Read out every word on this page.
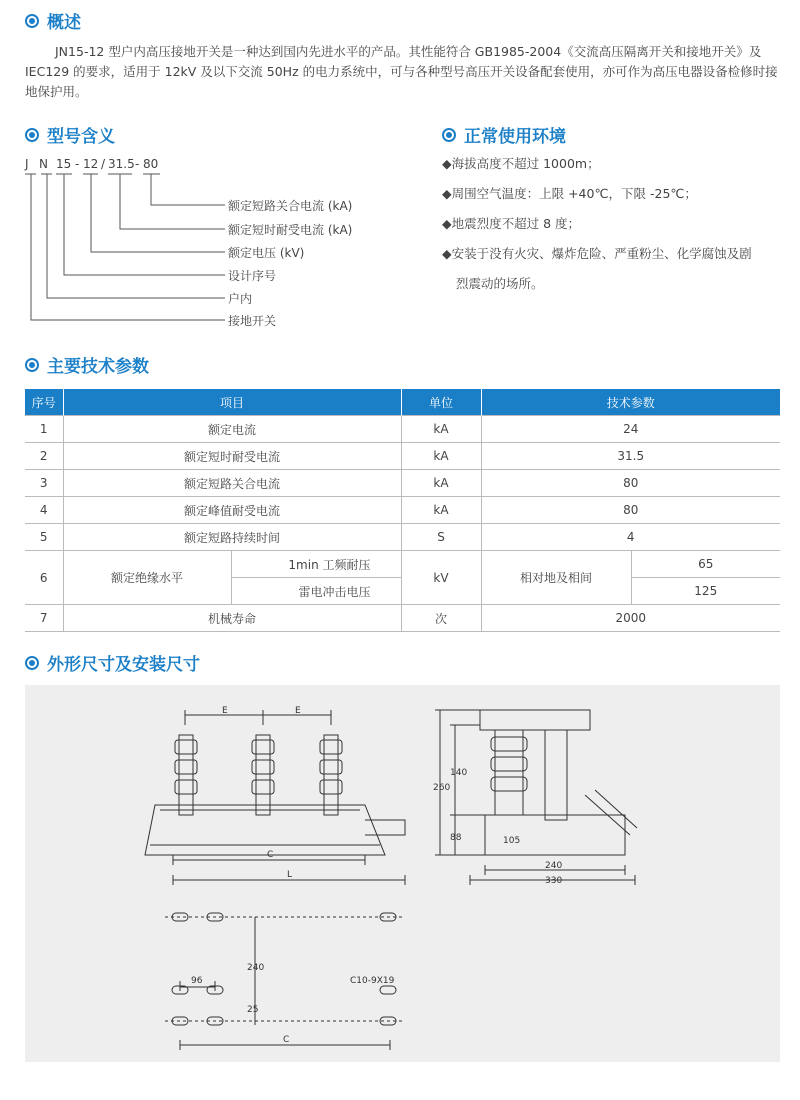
概述
JN15-12 型户内高压接地开关是一种达到国内先进水平的产品。其性能符合 GB1985-2004《交流高压隔离开关和接地开关》及 IEC129 的要求，适用于 12kV 及以下交流 50Hz 的电力系统中，可与各种型号高压开关设备配套使用，亦可作为高压电器设备检修时接地保护用。
型号含义
J N 15 - 12 / 31.5 - 80
额定短路关合电流 (kA)
额定短时耐受电流 (kA)
额定电压 (kV)
设计序号
户内
接地开关
正常使用环境
◆海拔高度不超过 1000m；
◆周围空气温度：上限 +40℃，下限 -25℃；
◆地震烈度不超过 8 度；
◆安装于没有火灾、爆炸危险、严重粉尘、化学腐蚀及剧
烈震动的场所。
主要技术参数
序号	项目		单位	技术参数	
1	额定电流		kA	24	
2	额定短时耐受电流		kA	31.5	
3	额定短路关合电流		kA	80	
4	额定峰值耐受电流		kA	80	
5	额定短路持续时间		S	4	
6	额定绝缘水平	1min 工频耐压	kV	相对地及相间	65
		雷电冲击电压			125
7	机械寿命		次	2000	
外形尺寸及安装尺寸
E	E
C
L
140
260
88	105
240
330
96
240
25
C10-9X19
C
